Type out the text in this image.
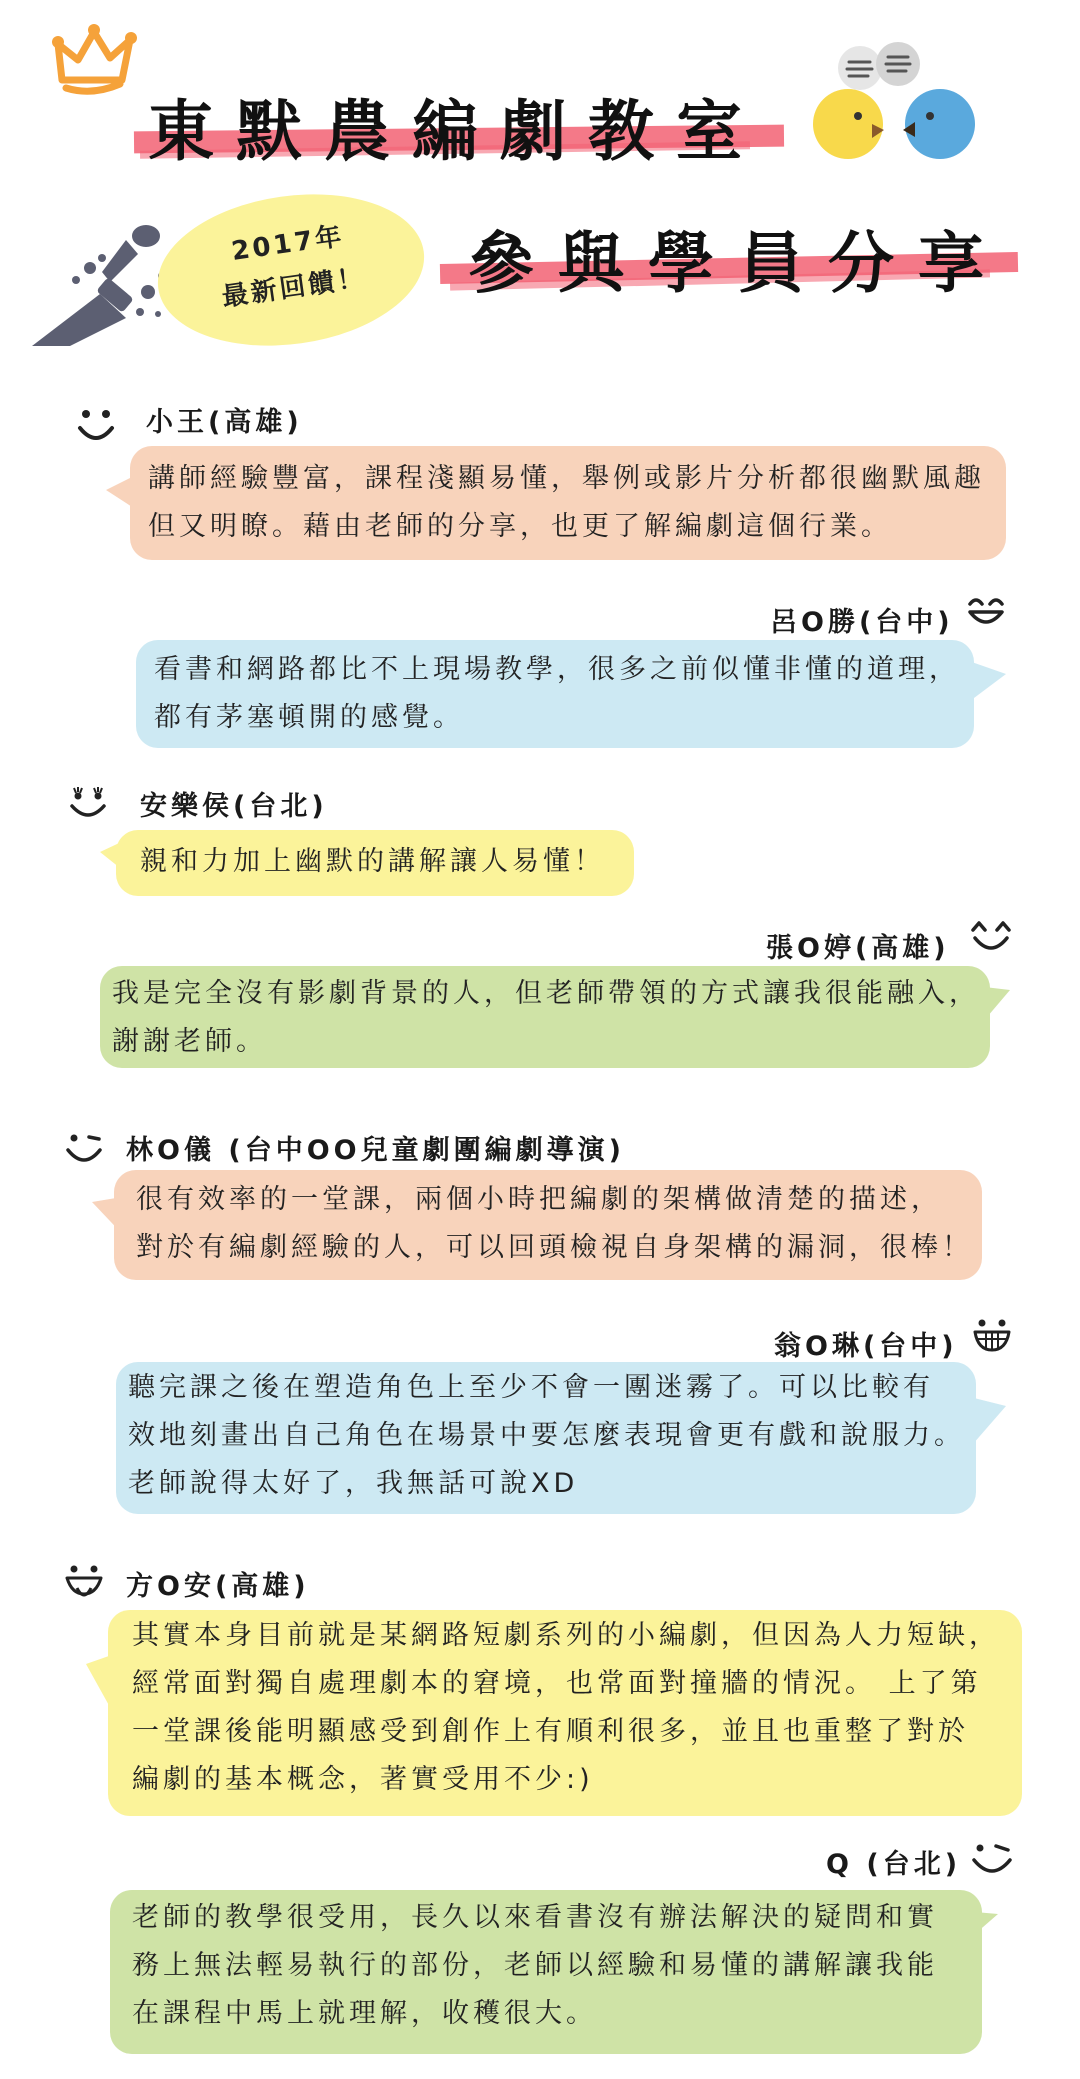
東默農編劇教室
2017年
最新回饋！	參與學員分享
小王(高雄)
講師經驗豐富，課程淺顯易懂，舉例或影片分析都很幽默風趣
但又明瞭。藉由老師的分享，也更了解編劇這個行業。
呂O勝(台中)
看書和網路都比不上現場教學，很多之前似懂非懂的道理，
都有茅塞頓開的感覺。
安樂侯(台北)
親和力加上幽默的講解讓人易懂！
張O婷(高雄)
我是完全沒有影劇背景的人，但老師帶領的方式讓我很能融入，
謝謝老師。
林O儀 (台中OO兒童劇團編劇導演)
很有效率的一堂課，兩個小時把編劇的架構做清楚的描述，
對於有編劇經驗的人，可以回頭檢視自身架構的漏洞，很棒！
翁O琳(台中)
聽完課之後在塑造角色上至少不會一團迷霧了。可以比較有
效地刻畫出自己角色在場景中要怎麼表現會更有戲和說服力。
老師說得太好了，我無話可說XD
方O安(高雄)
其實本身目前就是某網路短劇系列的小編劇，但因為人力短缺，
經常面對獨自處理劇本的窘境，也常面對撞牆的情況。 上了第
一堂課後能明顯感受到創作上有順利很多，並且也重整了對於
編劇的基本概念，著實受用不少:)
Q (台北)
老師的教學很受用，長久以來看書沒有辦法解決的疑問和實
務上無法輕易執行的部份，老師以經驗和易懂的講解讓我能
在課程中馬上就理解，收穫很大。
